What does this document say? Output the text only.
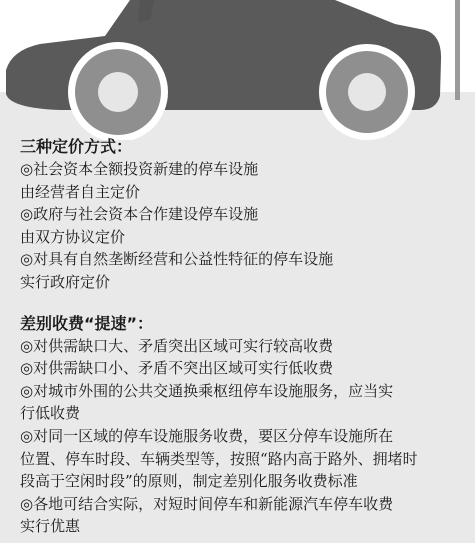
三种定价方式：

◎社会资本全额投资新建的停车设施

由经营者自主定价

◎政府与社会资本合作建设停车设施

由双方协议定价

◎对具有自然垄断经营和公益性特征的停车设施

实行政府定价

差别收费“提速”：

◎对供需缺口大、矛盾突出区域可实行较高收费

◎对供需缺口小、矛盾不突出区域可实行低收费

◎对城市外围的公共交通换乘枢纽停车设施服务，应当实

行低收费

◎对同一区域的停车设施服务收费，要区分停车设施所在

位置、停车时段、车辆类型等，按照“路内高于路外、拥堵时

段高于空闲时段”的原则，制定差别化服务收费标准

◎各地可结合实际，对短时间停车和新能源汽车停车收费

实行优惠
